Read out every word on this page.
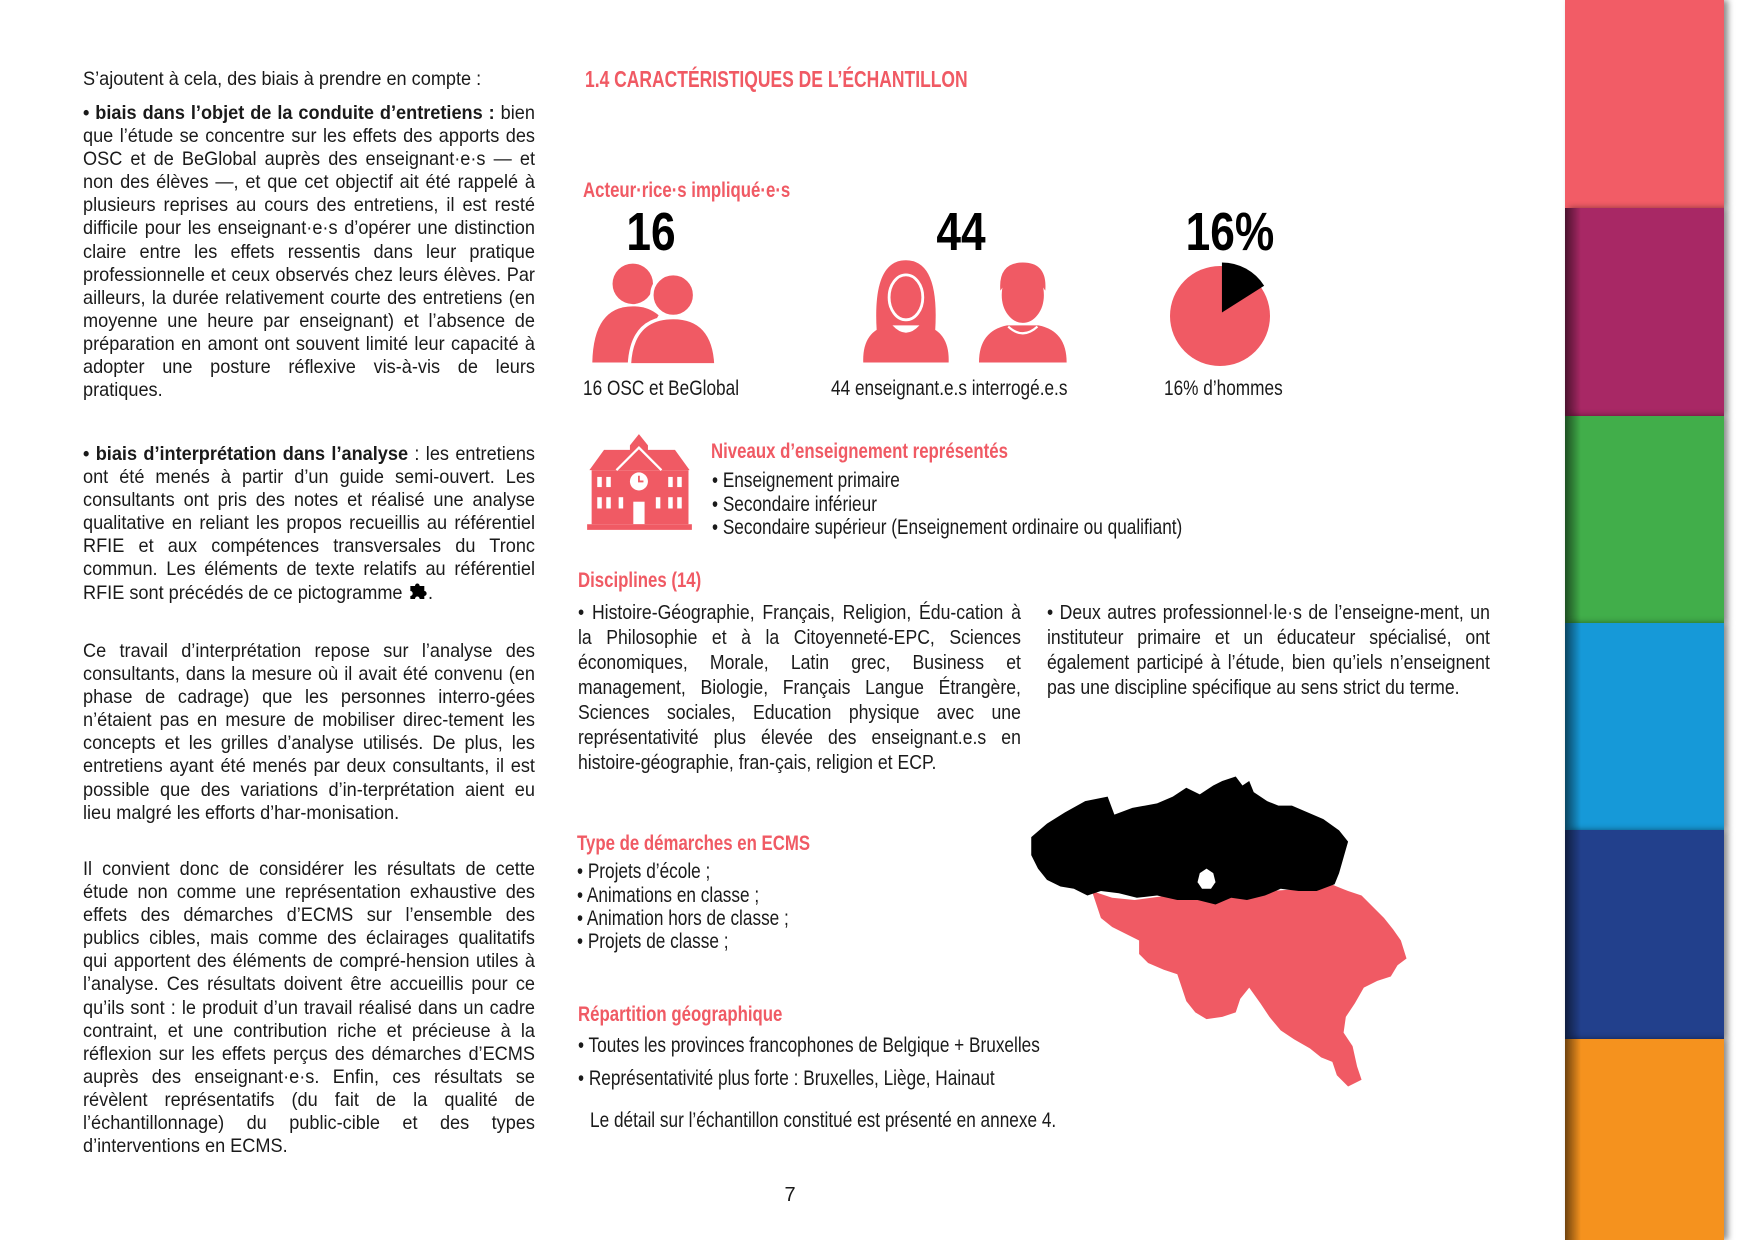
S’ajoutent à cela, des biais à prendre en compte :
• biais dans l’objet de la conduite d’entretiens : bien que l’étude se concentre sur les effets des apports des OSC et de BeGlobal auprès des enseignant·e·s — et non des élèves —, et que cet objectif ait été rappelé à plusieurs reprises au cours des entretiens, il est resté difficile pour les enseignant·e·s d’opérer une distinction claire entre les effets ressentis dans leur pratique professionnelle et ceux observés chez leurs élèves. Par ailleurs, la durée relativement courte des entretiens (en moyenne une heure par enseignant) et l’absence de préparation en amont ont souvent limité leur capacité à adopter une posture réflexive vis-à-vis de leurs pratiques.
• biais d’interprétation dans l’analyse : les entretiens ont été menés à partir d’un guide semi-ouvert. Les consultants ont pris des notes et réalisé une analyse qualitative en reliant les propos recueillis au référentiel RFIE et aux compétences transversales du Tronc commun. Les éléments de texte relatifs au référentiel RFIE sont précédés de ce pictogramme .
Ce travail d’interprétation repose sur l’analyse des consultants, dans la mesure où il avait été convenu (en phase de cadrage) que les personnes interro-gées n’étaient pas en mesure de mobiliser direc-tement les concepts et les grilles d’analyse utilisés. De plus, les entretiens ayant été menés par deux consultants, il est possible que des variations d’in-terprétation aient eu lieu malgré les efforts d’har-monisation.
Il convient donc de considérer les résultats de cette étude non comme une représentation exhaustive des effets des démarches d’ECMS sur l’ensemble des publics cibles, mais comme des éclairages qualitatifs qui apportent des éléments de compré-hension utiles à l’analyse. Ces résultats doivent être accueillis pour ce qu’ils sont : le produit d’un travail réalisé dans un cadre contraint, et une contribution riche et précieuse à la réflexion sur les effets perçus des démarches d’ECMS auprès des enseignant·e·s. Enfin, ces résultats se révèlent représentatifs (du fait de la qualité de l’échantillonnage) du public-cible et des types d’interventions en ECMS.
1.4 CARACTÉRISTIQUES DE L’ÉCHANTILLON
Acteur·rice·s impliqué·e·s
16	44	16%
16 OSC et BeGlobal	44 enseignant.e.s interrogé.e.s	16% d’hommes
Niveaux d’enseignement représentés
• Enseignement primaire
• Secondaire inférieur
• Secondaire supérieur (Enseignement ordinaire ou qualifiant)
Disciplines (14)
• Histoire-Géographie, Français, Religion, Édu-cation à la Philosophie et à la Citoyenneté-EPC, Sciences économiques, Morale, Latin grec, Business et management, Biologie, Français Langue Étrangère, Sciences sociales, Education physique avec une représentativité plus élevée des enseignant.e.s en histoire-géographie, fran-çais, religion et ECP.
• Deux autres professionnel·le·s de l’enseigne-ment, un instituteur primaire et un éducateur spécialisé, ont également participé à l’étude, bien qu’iels n’enseignent pas une discipline spécifique au sens strict du terme.
Type de démarches en ECMS
• Projets d’école ;
• Animations en classe ;
• Animation hors de classe ;
• Projets de classe ;
Répartition géographique
• Toutes les provinces francophones de Belgique + Bruxelles
• Représentativité plus forte : Bruxelles, Liège, Hainaut
Le détail sur l’échantillon constitué est présenté en annexe 4.
7
